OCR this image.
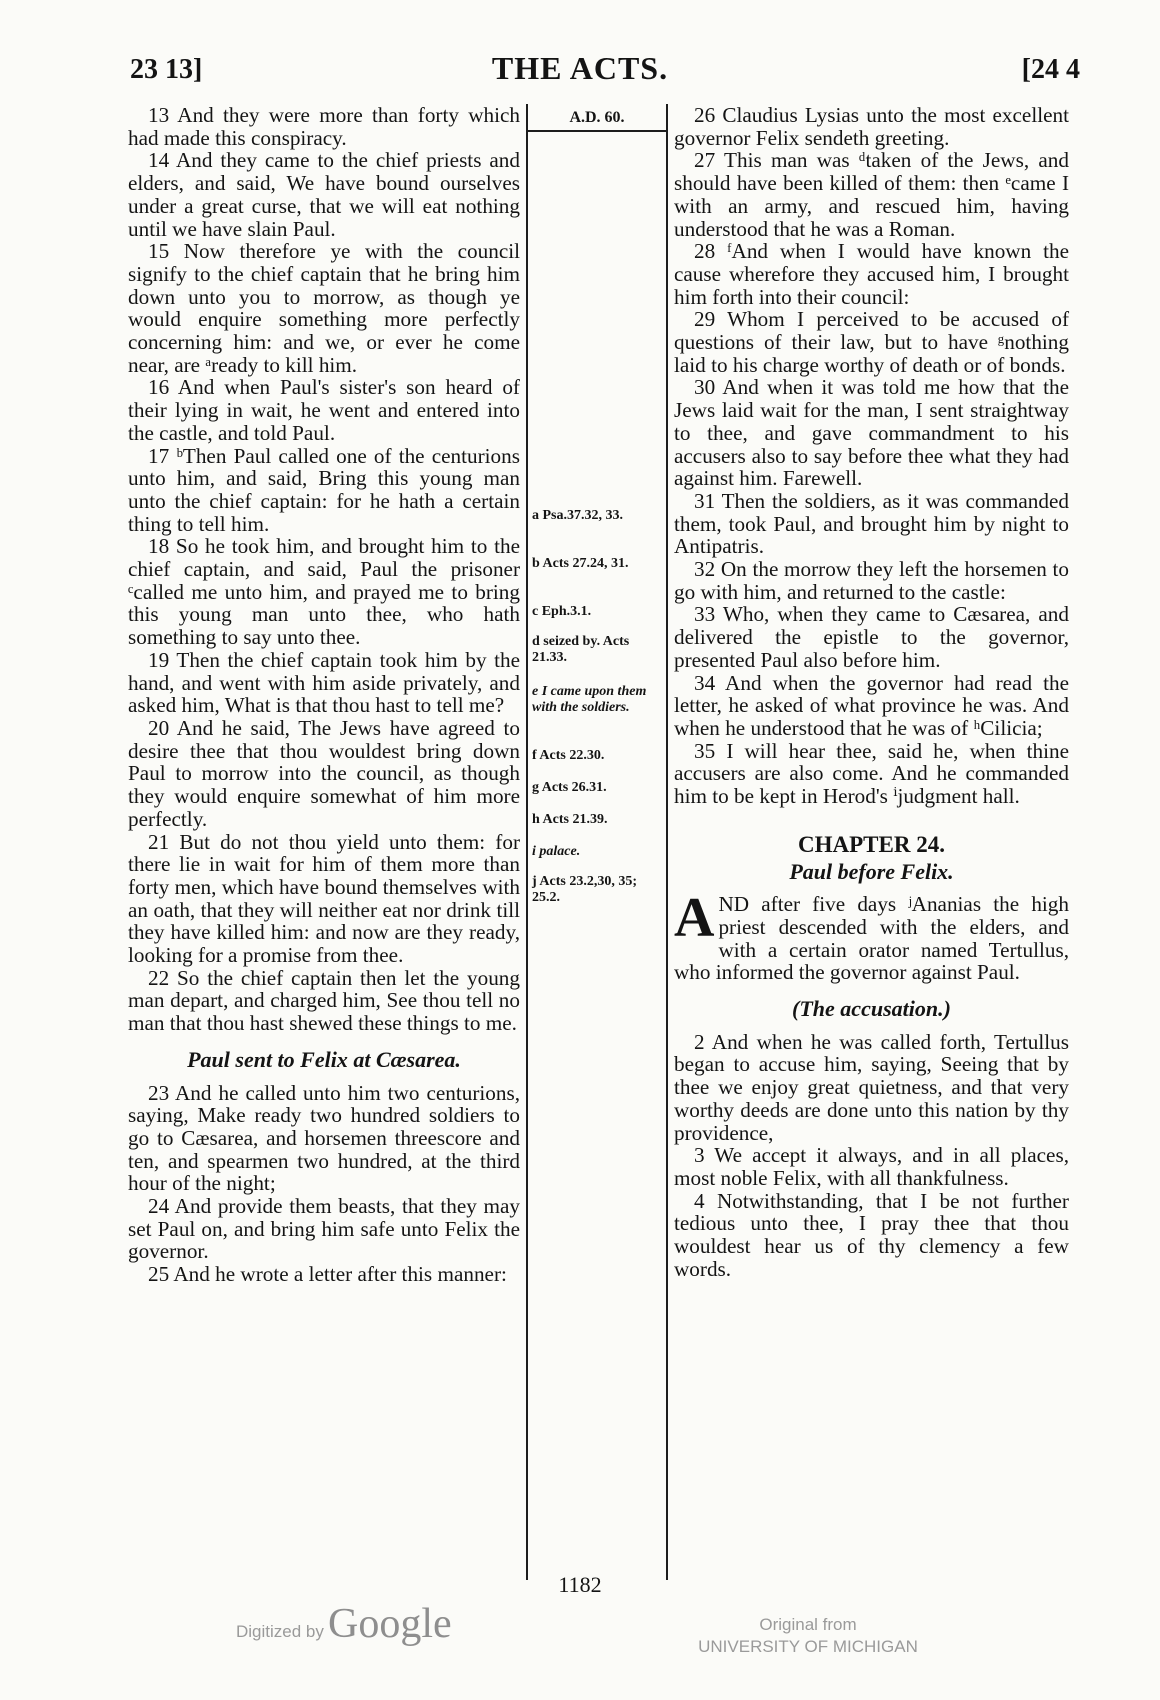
23 13]	THE ACTS.	[24 4

13 And they were more than forty which had made this conspiracy.

14 And they came to the chief priests and elders, and said, We have bound ourselves under a great curse, that we will eat nothing until we have slain Paul.

15 Now therefore ye with the council signify to the chief captain that he bring him down unto you to morrow, as though ye would enquire something more perfectly concerning him: and we, or ever he come near, are ᵃready to kill him.

16 And when Paul's sister's son heard of their lying in wait, he went and entered into the castle, and told Paul.

17 ᵇThen Paul called one of the centurions unto him, and said, Bring this young man unto the chief captain: for he hath a certain thing to tell him.

18 So he took him, and brought him to the chief captain, and said, Paul the prisoner ᶜcalled me unto him, and prayed me to bring this young man unto thee, who hath something to say unto thee.

19 Then the chief captain took him by the hand, and went with him aside privately, and asked him, What is that thou hast to tell me?

20 And he said, The Jews have agreed to desire thee that thou wouldest bring down Paul to morrow into the council, as though they would enquire somewhat of him more perfectly.

21 But do not thou yield unto them: for there lie in wait for him of them more than forty men, which have bound themselves with an oath, that they will neither eat nor drink till they have killed him: and now are they ready, looking for a promise from thee.

22 So the chief captain then let the young man depart, and charged him, See thou tell no man that thou hast shewed these things to me.

Paul sent to Felix at Cæsarea.

23 And he called unto him two centurions, saying, Make ready two hundred soldiers to go to Cæsarea, and horsemen threescore and ten, and spearmen two hundred, at the third hour of the night;

24 And provide them beasts, that they may set Paul on, and bring him safe unto Felix the governor.

25 And he wrote a letter after this manner:

A.D. 60.
a Psa.37.32, 33.
b Acts 27.24, 31.
c Eph.3.1.
d seized by. Acts 21.33.
e I came upon them with the soldiers.
f Acts 22.30.
g Acts 26.31.
h Acts 21.39.
i palace.
j Acts 23.2,30, 35; 25.2.

26 Claudius Lysias unto the most excellent governor Felix sendeth greeting.

27 This man was ᵈtaken of the Jews, and should have been killed of them: then ᵉcame I with an army, and rescued him, having understood that he was a Roman.

28 ᶠAnd when I would have known the cause wherefore they accused him, I brought him forth into their council:

29 Whom I perceived to be accused of questions of their law, but to have ᵍnothing laid to his charge worthy of death or of bonds.

30 And when it was told me how that the Jews laid wait for the man, I sent straightway to thee, and gave commandment to his accusers also to say before thee what they had against him. Farewell.

31 Then the soldiers, as it was commanded them, took Paul, and brought him by night to Antipatris.

32 On the morrow they left the horsemen to go with him, and returned to the castle:

33 Who, when they came to Cæsarea, and delivered the epistle to the governor, presented Paul also before him.

34 And when the governor had read the letter, he asked of what province he was. And when he understood that he was of ʰCilicia;

35 I will hear thee, said he, when thine accusers are also come. And he commanded him to be kept in Herod's ⁱjudgment hall.

CHAPTER 24.
Paul before Felix.

AND after five days ʲAnanias the high priest descended with the elders, and with a certain orator named Tertullus, who informed the governor against Paul.

(The accusation.)

2 And when he was called forth, Tertullus began to accuse him, saying, Seeing that by thee we enjoy great quietness, and that very worthy deeds are done unto this nation by thy providence,

3 We accept it always, and in all places, most noble Felix, with all thankfulness.

4 Notwithstanding, that I be not further tedious unto thee, I pray thee that thou wouldest hear us of thy clemency a few words.

1182
Digitized by Google	Original from
UNIVERSITY OF MICHIGAN
